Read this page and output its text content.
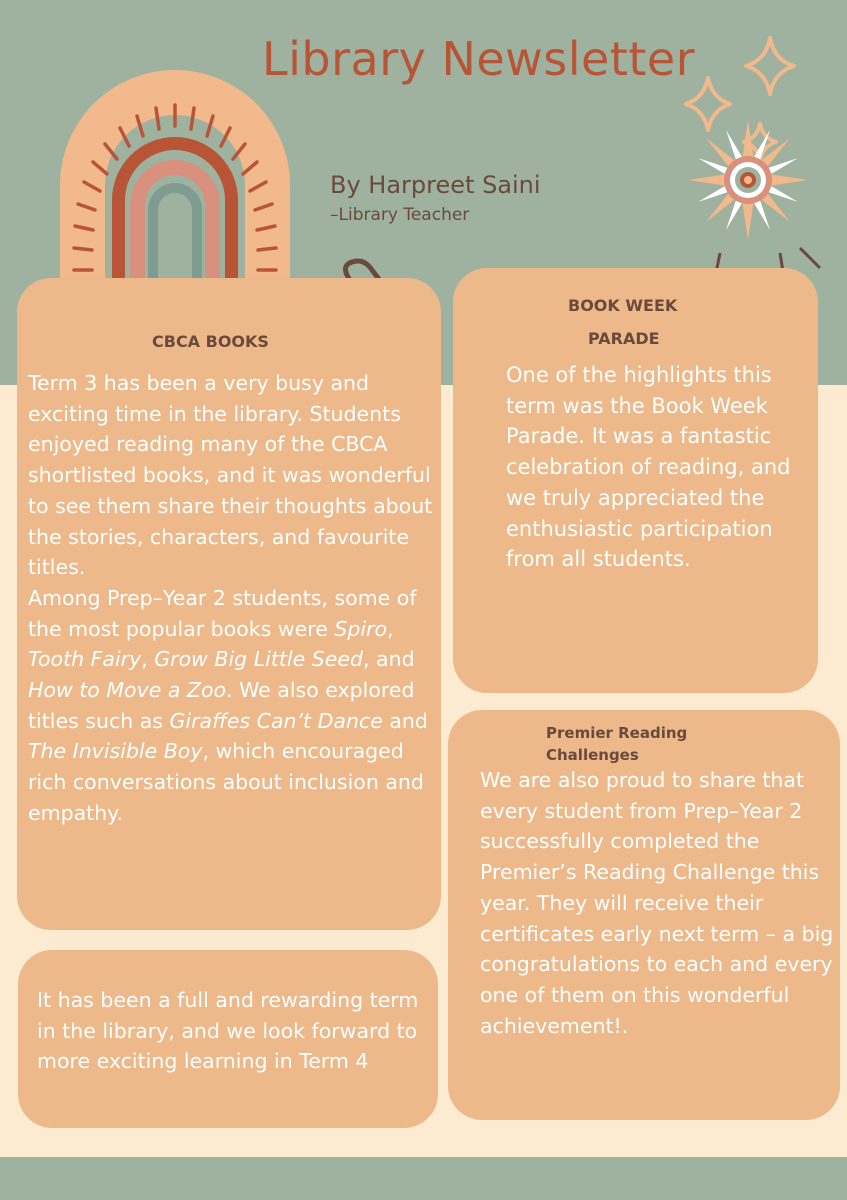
Library Newsletter
By Harpreet Saini
–Library Teacher
CBCA BOOKS

Term 3 has been a very busy and exciting time in the library. Students enjoyed reading many of the CBCA shortlisted books, and it was wonderful to see them share their thoughts about the stories, characters, and favourite titles.

Among Prep–Year 2 students, some of the most popular books were Spiro, Tooth Fairy, Grow Big Little Seed, and How to Move a Zoo. We also explored titles such as Giraffes Can’t Dance and The Invisible Boy, which encouraged rich conversations about inclusion and empathy.

BOOK WEEK
PARADE
One of the highlights this term was the Book Week Parade. It was a fantastic celebration of reading, and we truly appreciated the enthusiastic participation from all students.
Premier Reading
Challenges
We are also proud to share that every student from Prep–Year 2 successfully completed the Premier’s Reading Challenge this year. They will receive their certificates early next term – a big congratulations to each and every one of them on this wonderful achievement!.
It has been a full and rewarding term in the library, and we look forward to more exciting learning in Term 4
